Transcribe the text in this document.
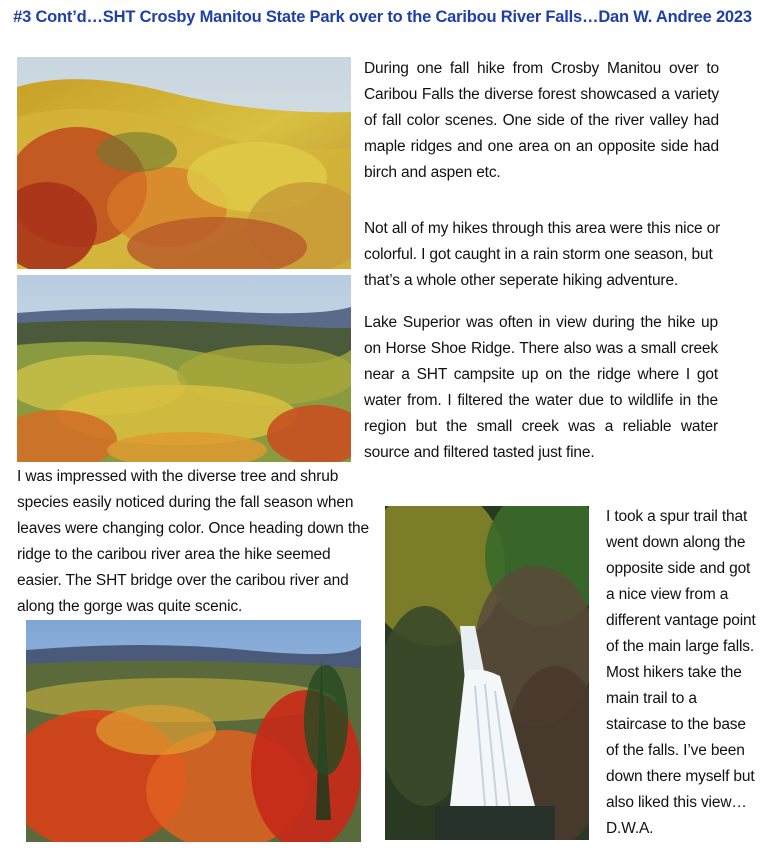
#3 Cont’d…SHT Crosby Manitou State Park over to the Caribou River Falls…Dan W. Andree 2023

During one fall hike from Crosby Manitou over to Caribou Falls the diverse forest showcased a variety of fall color scenes. One side of the river valley had maple ridges and one area on an opposite side had birch and aspen etc.

Not all of my hikes through this area were this nice or colorful. I got caught in a rain storm one season, but that’s a whole other seperate hiking adventure.

Lake Superior was often in view during the hike up on Horse Shoe Ridge. There also was a small creek near a SHT campsite up on the ridge where I got water from. I filtered the water due to wildlife in the region but the small creek was a reliable water source and filtered tasted just fine.

I was impressed with the diverse tree and shrub species easily noticed during the fall season when leaves were changing color. Once heading down the ridge to the caribou river area the hike seemed easier. The SHT bridge over the caribou river and along the gorge was quite scenic.

I took a spur trail that went down along the opposite side and got a nice view from a different vantage point of the main large falls. Most hikers take the main trail to a staircase to the base of the falls. I’ve been down there myself but also liked this view…D.W.A.
